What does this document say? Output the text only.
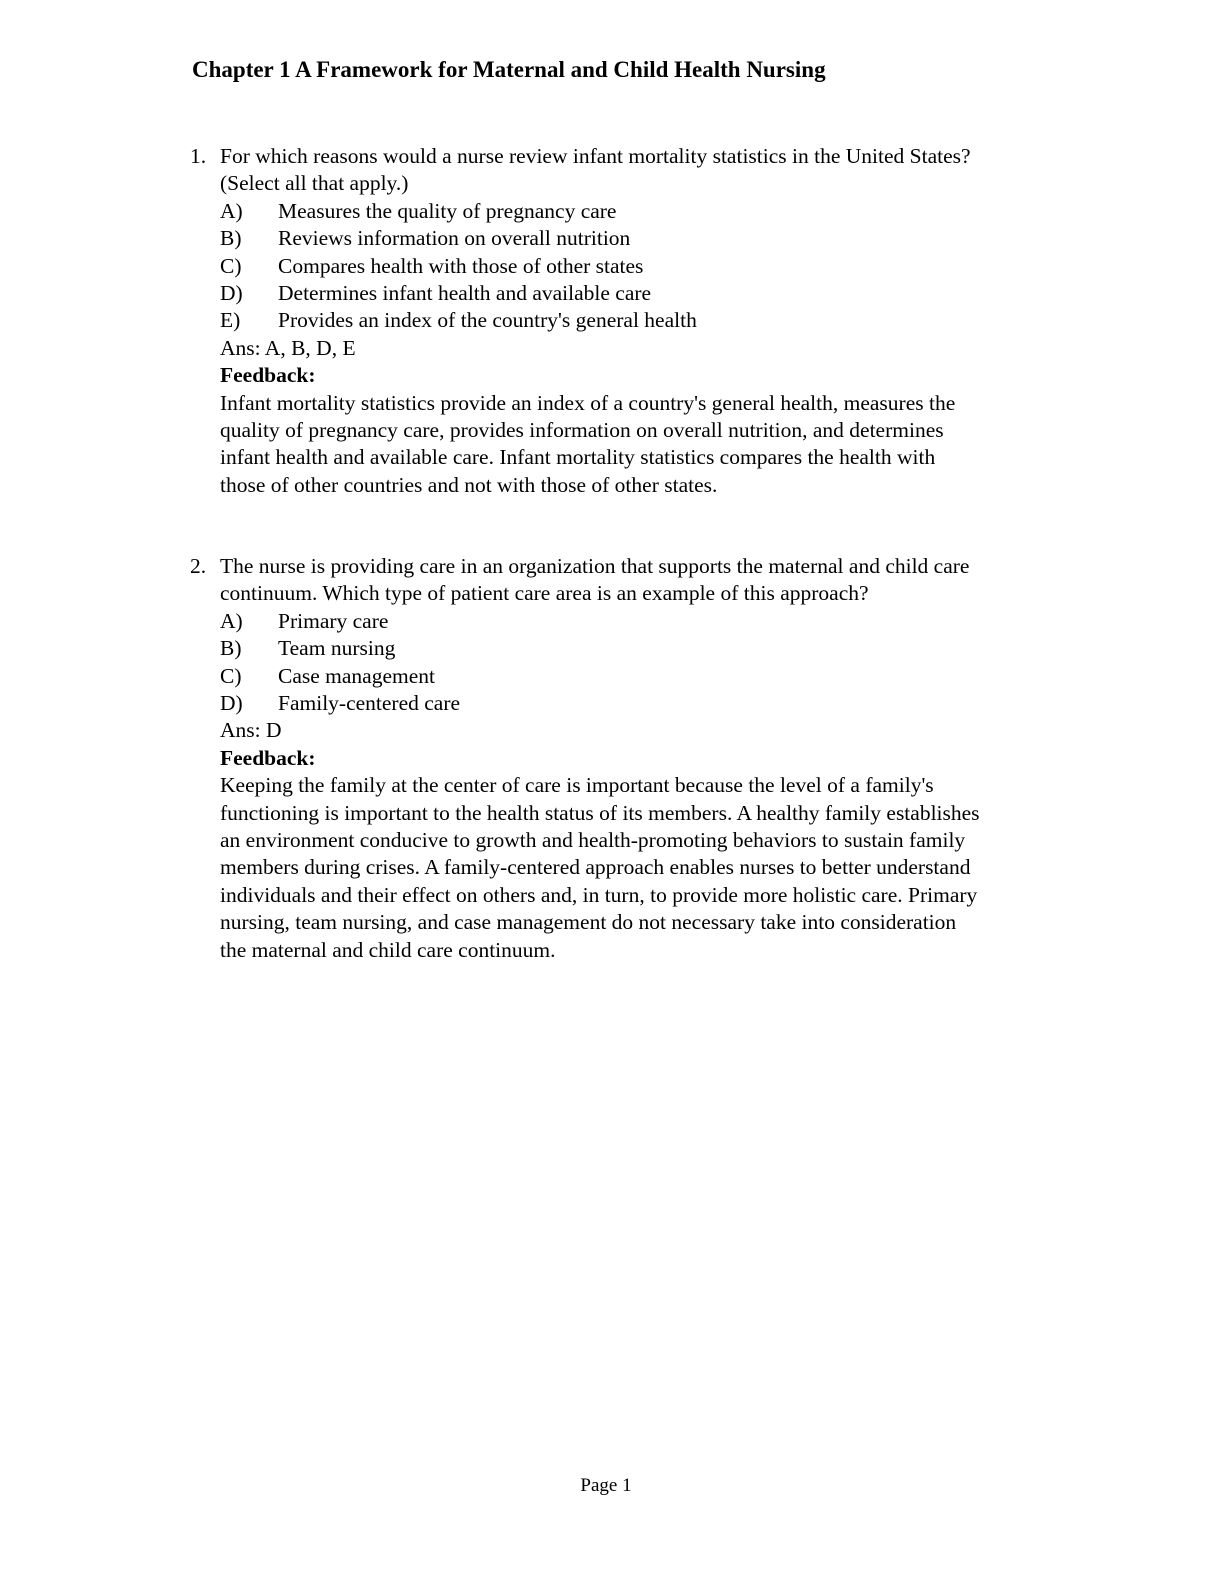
Chapter 1 A Framework for Maternal and Child Health Nursing
1. For which reasons would a nurse review infant mortality statistics in the United States?
(Select all that apply.)
A)	Measures the quality of pregnancy care
B)	Reviews information on overall nutrition
C)	Compares health with those of other states
D)	Determines infant health and available care
E)	Provides an index of the country's general health
Ans: A, B, D, E
Feedback:
Infant mortality statistics provide an index of a country's general health, measures the
quality of pregnancy care, provides information on overall nutrition, and determines
infant health and available care. Infant mortality statistics compares the health with
those of other countries and not with those of other states.
2. The nurse is providing care in an organization that supports the maternal and child care
continuum. Which type of patient care area is an example of this approach?
A)	Primary care
B)	Team nursing
C)	Case management
D)	Family-centered care
Ans: D
Feedback:
Keeping the family at the center of care is important because the level of a family's
functioning is important to the health status of its members. A healthy family establishes
an environment conducive to growth and health-promoting behaviors to sustain family
members during crises. A family-centered approach enables nurses to better understand
individuals and their effect on others and, in turn, to provide more holistic care. Primary
nursing, team nursing, and case management do not necessary take into consideration
the maternal and child care continuum.
Page 1
